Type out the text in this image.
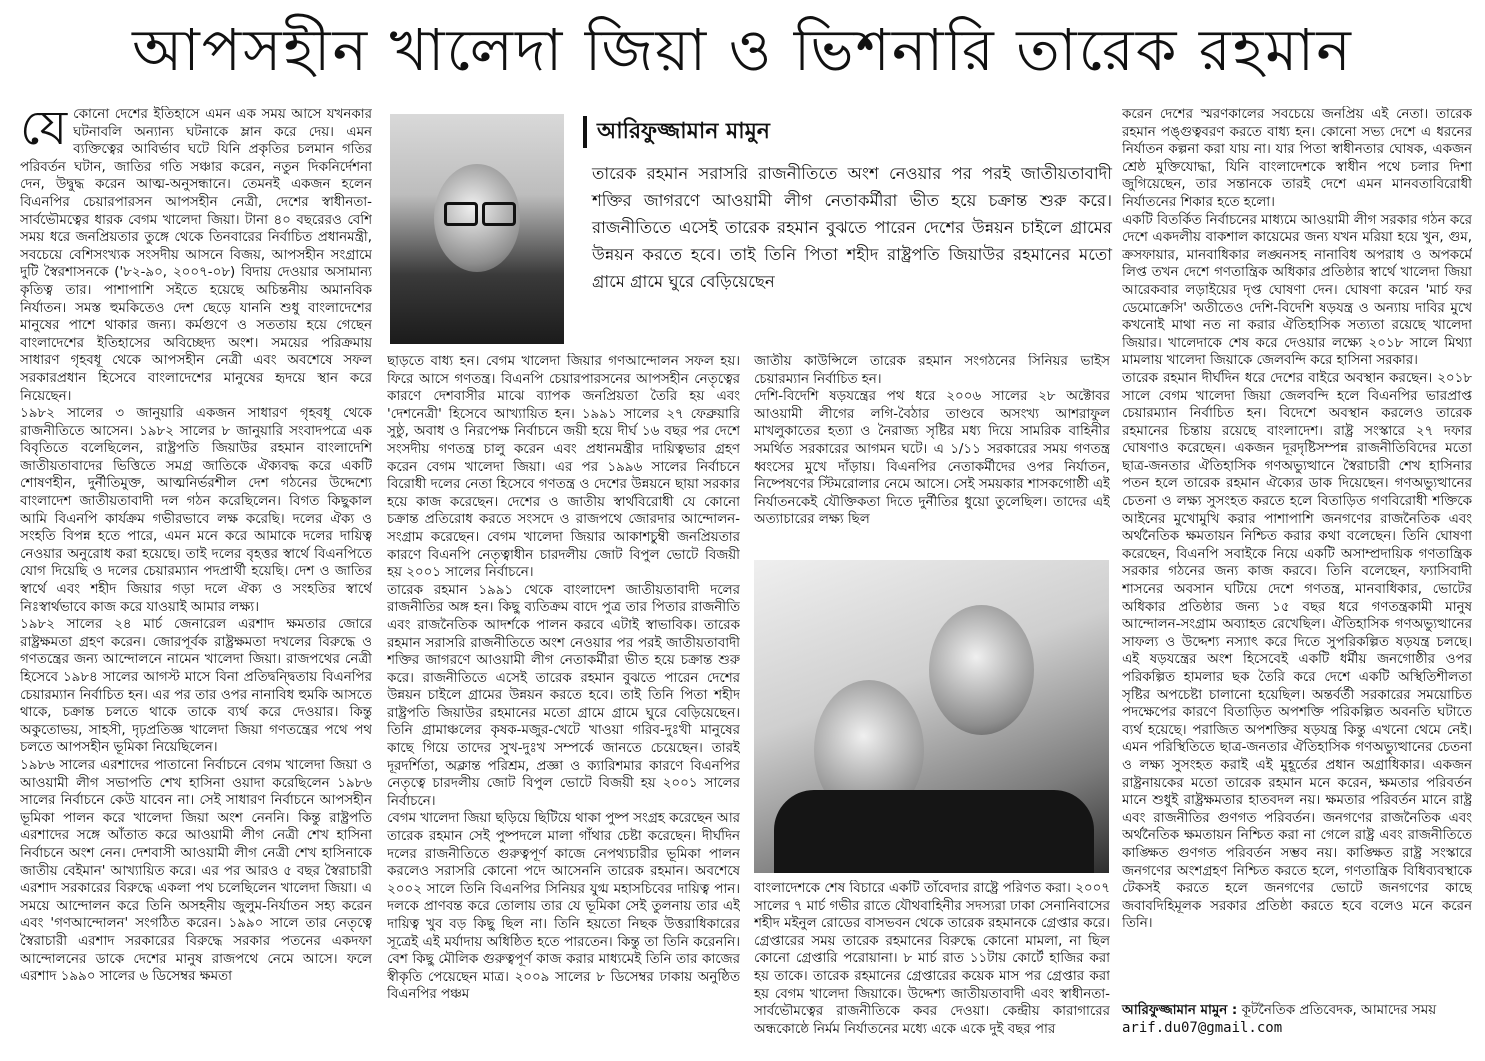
আপসহীন খালেদা জিয়া ও ভিশনারি তারেক রহমান

যেকোনো দেশের ইতিহাসে এমন এক সময় আসে যখনকার ঘটনাবলি অন্যান্য ঘটনাকে ম্লান করে দেয়। এমন ব্যক্তিত্বের আবির্ভাব ঘটে যিনি প্রকৃতির চলমান গতির পরিবর্তন ঘটান, জাতির গতি সঞ্চার করেন, নতুন দিকনির্দেশনা দেন, উদ্বুদ্ধ করেন আত্ম-অনুসন্ধানে। তেমনই একজন হলেন বিএনপির চেয়ারপারসন আপসহীন নেত্রী, দেশের স্বাধীনতা-সার্বভৌমত্বের ধারক বেগম খালেদা জিয়া। টানা ৪০ বছরেরও বেশি সময় ধরে জনপ্রিয়তার তুঙ্গে থেকে তিনবারের নির্বাচিত প্রধানমন্ত্রী, সবচেয়ে বেশিসংখ্যক সংসদীয় আসনে বিজয়, আপসহীন সংগ্রামে দুটি স্বৈরশাসনকে ('৮২-৯০, ২০০৭-০৮) বিদায় দেওয়ার অসামান্য কৃতিত্ব তার। পাশাপাশি সইতে হয়েছে অচিন্তনীয় অমানবিক নির্যাতন। সমস্ত হুমকিতেও দেশ ছেড়ে যাননি শুধু বাংলাদেশের মানুষের পাশে থাকার জন্য। কর্মগুণে ও সততায় হয়ে গেছেন বাংলাদেশের ইতিহাসের অবিচ্ছেদ্য অংশ। সময়ের পরিক্রমায় সাধারণ গৃহবধূ থেকে আপসহীন নেত্রী এবং অবশেষে সফল সরকারপ্রধান হিসেবে বাংলাদেশের মানুষের হৃদয়ে স্থান করে নিয়েছেন।

১৯৮২ সালের ৩ জানুয়ারি একজন সাধারণ গৃহবধূ থেকে রাজনীতিতে আসেন। ১৯৮২ সালের ৮ জানুয়ারি সংবাদপত্রে এক বিবৃতিতে বলেছিলেন, রাষ্ট্রপতি জিয়াউর রহমান বাংলাদেশি জাতীয়তাবাদের ভিত্তিতে সমগ্র জাতিকে ঐক্যবদ্ধ করে একটি শোষণহীন, দুর্নীতিমুক্ত, আত্মনির্ভরশীল দেশ গঠনের উদ্দেশ্যে বাংলাদেশ জাতীয়তাবাদী দল গঠন করেছিলেন। বিগত কিছুকাল আমি বিএনপি কার্যক্রম গভীরভাবে লক্ষ করেছি। দলের ঐক্য ও সংহতি বিপন্ন হতে পারে, এমন মনে করে আমাকে দলের দায়িত্ব নেওয়ার অনুরোধ করা হয়েছে। তাই দলের বৃহত্তর স্বার্থে বিএনপিতে যোগ দিয়েছি ও দলের চেয়ারম্যান পদপ্রার্থী হয়েছি। দেশ ও জাতির স্বার্থে এবং শহীদ জিয়ার গড়া দলে ঐক্য ও সংহতির স্বার্থে নিঃস্বার্থভাবে কাজ করে যাওয়াই আমার লক্ষ্য।

১৯৮২ সালের ২৪ মার্চ জেনারেল এরশাদ ক্ষমতার জোরে রাষ্ট্রক্ষমতা গ্রহণ করেন। জোরপূর্বক রাষ্ট্রক্ষমতা দখলের বিরুদ্ধে ও গণতন্ত্রের জন্য আন্দোলনে নামেন খালেদা জিয়া। রাজপথের নেত্রী হিসেবে ১৯৮৪ সালের আগস্ট মাসে বিনা প্রতিদ্বন্দ্বিতায় বিএনপির চেয়ারম্যান নির্বাচিত হন। এর পর তার ওপর নানাবিধ হুমকি আসতে থাকে, চক্রান্ত চলতে থাকে তাকে ব্যর্থ করে দেওয়ার। কিন্তু অকুতোভয়, সাহসী, দৃঢ়প্রতিজ্ঞ খালেদা জিয়া গণতন্ত্রের পথে পথ চলতে আপসহীন ভূমিকা নিয়েছিলেন।

১৯৮৬ সালের এরশাদের পাতানো নির্বাচনে বেগম খালেদা জিয়া ও আওয়ামী লীগ সভাপতি শেখ হাসিনা ওয়াদা করেছিলেন ১৯৮৬ সালের নির্বাচনে কেউ যাবেন না। সেই সাধারণ নির্বাচনে আপসহীন ভূমিকা পালন করে খালেদা জিয়া অংশ নেননি। কিন্তু রাষ্ট্রপতি এরশাদের সঙ্গে আঁতাত করে আওয়ামী লীগ নেত্রী শেখ হাসিনা নির্বাচনে অংশ নেন। দেশবাসী আওয়ামী লীগ নেত্রী শেখ হাসিনাকে জাতীয় বেইমান' আখ্যায়িত করে। এর পর আরও ৫ বছর স্বৈরাচারী এরশাদ সরকারের বিরুদ্ধে একলা পথ চলেছিলেন খালেদা জিয়া। এ সময়ে আন্দোলন করে তিনি অসহনীয় জুলুম-নির্যাতন সহ্য করেন এবং 'গণআন্দোলন' সংগঠিত করেন। ১৯৯০ সালে তার নেতৃত্বে স্বৈরাচারী এরশাদ সরকারের বিরুদ্ধে সরকার পতনের একদফা আন্দোলনের ডাকে দেশের মানুষ রাজপথে নেমে আসে। ফলে এরশাদ ১৯৯০ সালের ৬ ডিসেম্বর ক্ষমতা

আরিফুজ্জামান মামুন
তারেক রহমান সরাসরি রাজনীতিতে অংশ নেওয়ার পর পরই জাতীয়তাবাদী শক্তির জাগরণে আওয়ামী লীগ নেতাকর্মীরা ভীত হয়ে চক্রান্ত শুরু করে। রাজনীতিতে এসেই তারেক রহমান বুঝতে পারেন দেশের উন্নয়ন চাইলে গ্রামের উন্নয়ন করতে হবে। তাই তিনি পিতা শহীদ রাষ্ট্রপতি জিয়াউর রহমানের মতো গ্রামে গ্রামে ঘুরে বেড়িয়েছেন

ছাড়তে বাধ্য হন। বেগম খালেদা জিয়ার গণআন্দোলন সফল হয়। ফিরে আসে গণতন্ত্র। বিএনপি চেয়ারপারসনের আপসহীন নেতৃত্বের কারণে দেশবাসীর মাঝে ব্যাপক জনপ্রিয়তা তৈরি হয় এবং 'দেশনেত্রী' হিসেবে আখ্যায়িত হন। ১৯৯১ সালের ২৭ ফেব্রুয়ারি সুষ্ঠু, অবাধ ও নিরপেক্ষ নির্বাচনে জয়ী হয়ে দীর্ঘ ১৬ বছর পর দেশে সংসদীয় গণতন্ত্র চালু করেন এবং প্রধানমন্ত্রীর দায়িত্বভার গ্রহণ করেন বেগম খালেদা জিয়া। এর পর ১৯৯৬ সালের নির্বাচনে বিরোধী দলের নেতা হিসেবে গণতন্ত্র ও দেশের উন্নয়নে ছায়া সরকার হয়ে কাজ করেছেন। দেশের ও জাতীয় স্বার্থবিরোধী যে কোনো চক্রান্ত প্রতিরোধ করতে সংসদে ও রাজপথে জোরদার আন্দোলন-সংগ্রাম করেছেন। বেগম খালেদা জিয়ার আকাশচুম্বী জনপ্রিয়তার কারণে বিএনপি নেতৃত্বাধীন চারদলীয় জোট বিপুল ভোটে বিজয়ী হয় ২০০১ সালের নির্বাচনে।

তারেক রহমান ১৯৯১ থেকে বাংলাদেশ জাতীয়তাবাদী দলের রাজনীতির অঙ্গ হন। কিছু ব্যতিক্রম বাদে পুত্র তার পিতার রাজনীতি এবং রাজনৈতিক আদর্শকে পালন করবে এটাই স্বাভাবিক। তারেক রহমান সরাসরি রাজনীতিতে অংশ নেওয়ার পর পরই জাতীয়তাবাদী শক্তির জাগরণে আওয়ামী লীগ নেতাকর্মীরা ভীত হয়ে চক্রান্ত শুরু করে। রাজনীতিতে এসেই তারেক রহমান বুঝতে পারেন দেশের উন্নয়ন চাইলে গ্রামের উন্নয়ন করতে হবে। তাই তিনি পিতা শহীদ রাষ্ট্রপতি জিয়াউর রহমানের মতো গ্রামে গ্রামে ঘুরে বেড়িয়েছেন। তিনি গ্রামাঞ্চলের কৃষক-মজুর-খেটে খাওয়া গরিব-দুঃখী মানুষের কাছে গিয়ে তাদের সুখ-দুঃখ সম্পর্কে জানতে চেয়েছেন। তারই দূরদর্শিতা, অক্লান্ত পরিশ্রম, প্রজ্ঞা ও ক্যারিশমার কারণে বিএনপির নেতৃত্বে চারদলীয় জোট বিপুল ভোটে বিজয়ী হয় ২০০১ সালের নির্বাচনে।

বেগম খালেদা জিয়া ছড়িয়ে ছিটিয়ে থাকা পুষ্প সংগ্রহ করেছেন আর তারেক রহমান সেই পুষ্পদলে মালা গাঁথার চেষ্টা করেছেন। দীর্ঘদিন দলের রাজনীতিতে গুরুত্বপূর্ণ কাজে নেপথ্যচারীর ভূমিকা পালন করলেও সরাসরি কোনো পদে আসেননি তারেক রহমান। অবশেষে ২০০২ সালে তিনি বিএনপির সিনিয়র যুগ্ম মহাসচিবের দায়িত্ব পান। দলকে প্রাণবন্ত করে তোলায় তার যে ভূমিকা সেই তুলনায় তার এই দায়িত্ব খুব বড় কিছু ছিল না। তিনি হয়তো নিছক উত্তরাধিকারের সূত্রেই এই মর্যাদায় অধিষ্ঠিত হতে পারতেন। কিন্তু তা তিনি করেননি। বেশ কিছু মৌলিক গুরুত্বপূর্ণ কাজ করার মাধ্যমেই তিনি তার কাজের স্বীকৃতি পেয়েছেন মাত্র। ২০০৯ সালের ৮ ডিসেম্বর ঢাকায় অনুষ্ঠিত বিএনপির পঞ্চম

জাতীয় কাউন্সিলে তারেক রহমান সংগঠনের সিনিয়র ভাইস চেয়ারম্যান নির্বাচিত হন।

দেশি-বিদেশি ষড়যন্ত্রের পথ ধরে ২০০৬ সালের ২৮ অক্টোবর আওয়ামী লীগের লগি-বৈঠার তাণ্ডবে অসংখ্য আশরাফুল মাখলুকাতের হত্যা ও নৈরাজ্য সৃষ্টির মধ্য দিয়ে সামরিক বাহিনীর সমর্থিত সরকারের আগমন ঘটে। এ ১/১১ সরকারের সময় গণতন্ত্র ধ্বংসের মুখে দাঁড়ায়। বিএনপির নেতাকর্মীদের ওপর নির্যাতন, নিষ্পেষণের স্টিমরোলার নেমে আসে। সেই সময়কার শাসকগোষ্ঠী এই নির্যাতনকেই যৌক্তিকতা দিতে দুর্নীতির ধুয়ো তুলেছিল। তাদের এই অত্যাচারের লক্ষ্য ছিল

বাংলাদেশকে শেষ বিচারে একটি তাঁবেদার রাষ্ট্রে পরিণত করা। ২০০৭ সালের ৭ মার্চ গভীর রাতে যৌথবাহিনীর সদস্যরা ঢাকা সেনানিবাসের শহীদ মইনুল রোডের বাসভবন থেকে তারেক রহমানকে গ্রেপ্তার করে। গ্রেপ্তারের সময় তারেক রহমানের বিরুদ্ধে কোনো মামলা, না ছিল কোনো গ্রেপ্তারি পরোয়ানা। ৮ মার্চ রাত ১১টায় কোর্টে হাজির করা হয় তাকে। তারেক রহমানের গ্রেপ্তারের কয়েক মাস পর গ্রেপ্তার করা হয় বেগম খালেদা জিয়াকে। উদ্দেশ্য জাতীয়তাবাদী এবং স্বাধীনতা-সার্বভৌমত্বের রাজনীতিকে কবর দেওয়া। কেন্দ্রীয় কারাগারের অন্ধকোষ্ঠে নির্মম নির্যাতনের মধ্যে একে একে দুই বছর পার

করেন দেশের স্মরণকালের সবচেয়ে জনপ্রিয় এই নেতা। তারেক রহমান পঙ্গুত্ববরণ করতে বাধ্য হন। কোনো সভ্য দেশে এ ধরনের নির্যাতন কল্পনা করা যায় না। যার পিতা স্বাধীনতার ঘোষক, একজন শ্রেষ্ঠ মুক্তিযোদ্ধা, যিনি বাংলাদেশকে স্বাধীন পথে চলার দিশা জুগিয়েছেন, তার সন্তানকে তারই দেশে এমন মানবতাবিরোধী নির্যাতনের শিকার হতে হলো।

একটি বিতর্কিত নির্বাচনের মাধ্যমে আওয়ামী লীগ সরকার গঠন করে দেশে একদলীয় বাকশাল কায়েমের জন্য যখন মরিয়া হয়ে খুন, গুম, ক্রসফায়ার, মানবাধিকার লঙ্ঘনসহ নানাবিধ অপরাধ ও অপকর্মে লিপ্ত তখন দেশে গণতান্ত্রিক অধিকার প্রতিষ্ঠার স্বার্থে খালেদা জিয়া আরেকবার লড়াইয়ের দৃপ্ত ঘোষণা দেন। ঘোষণা করেন 'মার্চ ফর ডেমোক্রেসি' অতীতেও দেশি-বিদেশি ষড়যন্ত্র ও অন্যায় দাবির মুখে কখনোই মাথা নত না করার ঐতিহাসিক সত্যতা রয়েছে খালেদা জিয়ার। খালেদাকে শেষ করে দেওয়ার লক্ষ্যে ২০১৮ সালে মিথ্যা মামলায় খালেদা জিয়াকে জেলবন্দি করে হাসিনা সরকার।

তারেক রহমান দীর্ঘদিন ধরে দেশের বাইরে অবস্থান করছেন। ২০১৮ সালে বেগম খালেদা জিয়া জেলবন্দি হলে বিএনপির ভারপ্রাপ্ত চেয়ারম্যান নির্বাচিত হন। বিদেশে অবস্থান করলেও তারেক রহমানের চিন্তায় রয়েছে বাংলাদেশ। রাষ্ট্র সংস্কারে ২৭ দফার ঘোষণাও করেছেন। একজন দূরদৃষ্টিসম্পন্ন রাজনীতিবিদের মতো ছাত্র-জনতার ঐতিহাসিক গণঅভ্যুত্থানে স্বৈরাচারী শেখ হাসিনার পতন হলে তারেক রহমান ঐক্যের ডাক দিয়েছেন। গণঅভ্যুত্থানের চেতনা ও লক্ষ্য সুসংহত করতে হলে বিতাড়িত গণবিরোধী শক্তিকে আইনের মুখোমুখি করার পাশাপাশি জনগণের রাজনৈতিক এবং অর্থনৈতিক ক্ষমতায়ন নিশ্চিত করার কথা বলেছেন। তিনি ঘোষণা করেছেন, বিএনপি সবাইকে নিয়ে একটি অসাম্প্রদায়িক গণতান্ত্রিক সরকার গঠনের জন্য কাজ করবে। তিনি বলেছেন, ফ্যাসিবাদী শাসনের অবসান ঘটিয়ে দেশে গণতন্ত্র, মানবাধিকার, ভোটের অধিকার প্রতিষ্ঠার জন্য ১৫ বছর ধরে গণতন্ত্রকামী মানুষ আন্দোলন-সংগ্রাম অব্যাহত রেখেছিল। ঐতিহাসিক গণঅভ্যুত্থানের সাফল্য ও উদ্দেশ্য নস্যাৎ করে দিতে সুপরিকল্পিত ষড়যন্ত্র চলছে। এই ষড়যন্ত্রের অংশ হিসেবেই একটি ধর্মীয় জনগোষ্ঠীর ওপর পরিকল্পিত হামলার ছক তৈরি করে দেশে একটি অস্থিতিশীলতা সৃষ্টির অপচেষ্টা চালানো হয়েছিল। অন্তর্বর্তী সরকারের সময়োচিত পদক্ষেপের কারণে বিতাড়িত অপশক্তি পরিকল্পিত অবনতি ঘটাতে ব্যর্থ হয়েছে। পরাজিত অপশক্তির ষড়যন্ত্র কিন্তু এখনো থেমে নেই। এমন পরিস্থিতিতে ছাত্র-জনতার ঐতিহাসিক গণঅভ্যুত্থানের চেতনা ও লক্ষ্য সুসংহত করাই এই মুহূর্তের প্রধান অগ্রাধিকার। একজন রাষ্ট্রনায়কের মতো তারেক রহমান মনে করেন, ক্ষমতার পরিবর্তন মানে শুধুই রাষ্ট্রক্ষমতার হাতবদল নয়। ক্ষমতার পরিবর্তন মানে রাষ্ট্র এবং রাজনীতির গুণগত পরিবর্তন। জনগণের রাজনৈতিক এবং অর্থনৈতিক ক্ষমতায়ন নিশ্চিত করা না গেলে রাষ্ট্র এবং রাজনীতিতে কাঙ্ক্ষিত গুণগত পরিবর্তন সম্ভব নয়। কাঙ্ক্ষিত রাষ্ট্র সংস্কারে জনগণের অংশগ্রহণ নিশ্চিত করতে হলে, গণতান্ত্রিক বিধিব্যবস্থাকে টেকসই করতে হলে জনগণের ভোটে জনগণের কাছে জবাবদিহিমূলক সরকার প্রতিষ্ঠা করতে হবে বলেও মনে করেন তিনি।

আরিফুজ্জামান মামুন : কূটনৈতিক প্রতিবেদক, আমাদের সময়
arif.du07@gmail.com
